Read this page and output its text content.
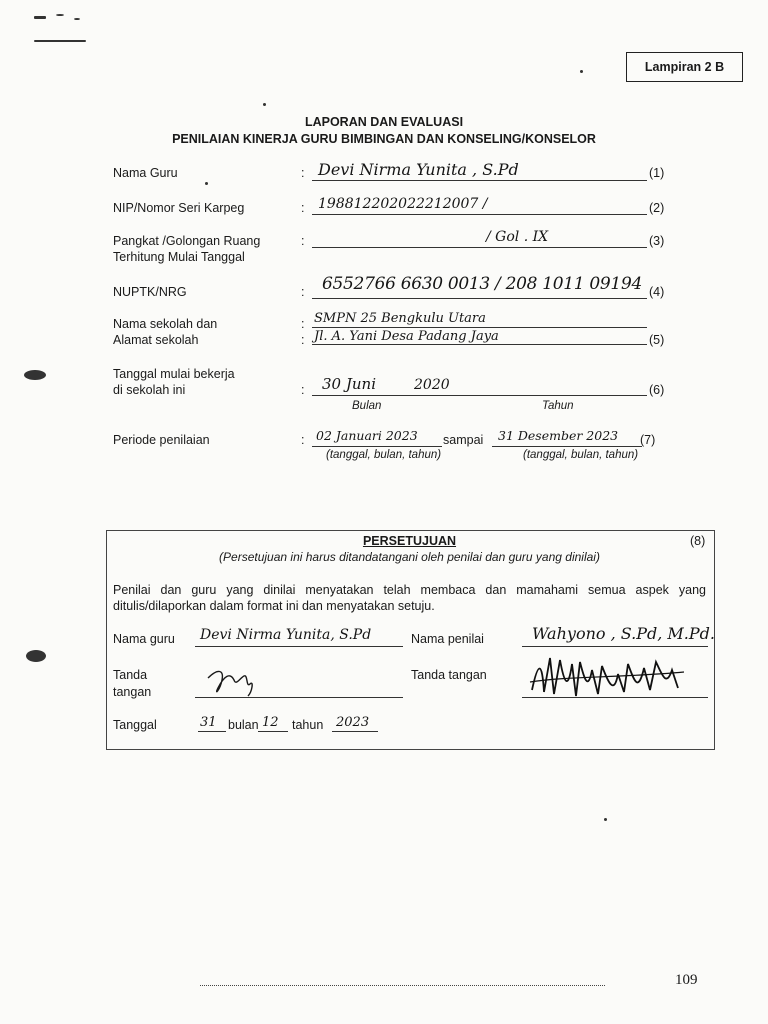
Lampiran 2 B
LAPORAN DAN EVALUASI
PENILAIAN KINERJA GURU BIMBINGAN DAN KONSELING/KONSELOR
Nama Guru	: Devi Nirma Yunita , S.Pd	(1)
NIP/Nomor Seri Karpeg	: 198812202022212007 /	(2)
Pangkat /Golongan Ruang
Terhitung Mulai Tanggal
:	/ Gol . IX	(3)
NUPTK/NRG	: 6552766 6630 0013 / 208 1011 09194 (4)
Nama sekolah dan
Alamat sekolah
: SMPN 25 Bengkulu Utara
: Jl. A. Yani Desa Padang Jaya	(5)
Tanggal mulai bekerja
di sekolah ini	: 30 Juni	2020
Bulan	Tahun
(6)
Periode penilaian	: 02 Januari 2023 sampai 31 Desember 2023 (7)
(tanggal, bulan, tahun)	(tanggal, bulan, tahun)
PERSETUJUAN	(8)
(Persetujuan ini harus ditandatangani oleh penilai dan guru yang dinilai)
Penilai dan guru yang dinilai menyatakan telah membaca dan mamahami semua aspek yang
ditulis/dilaporkan dalam format ini dan menyatakan setuju.
Nama guru Devi Nirma Yunita, S.Pd	Nama penilai	Wahyono , S.Pd, M.Pd.
Tanda
tangan
Tanda tangan
Tanggal	31 bulan 12 tahun 2023
109
